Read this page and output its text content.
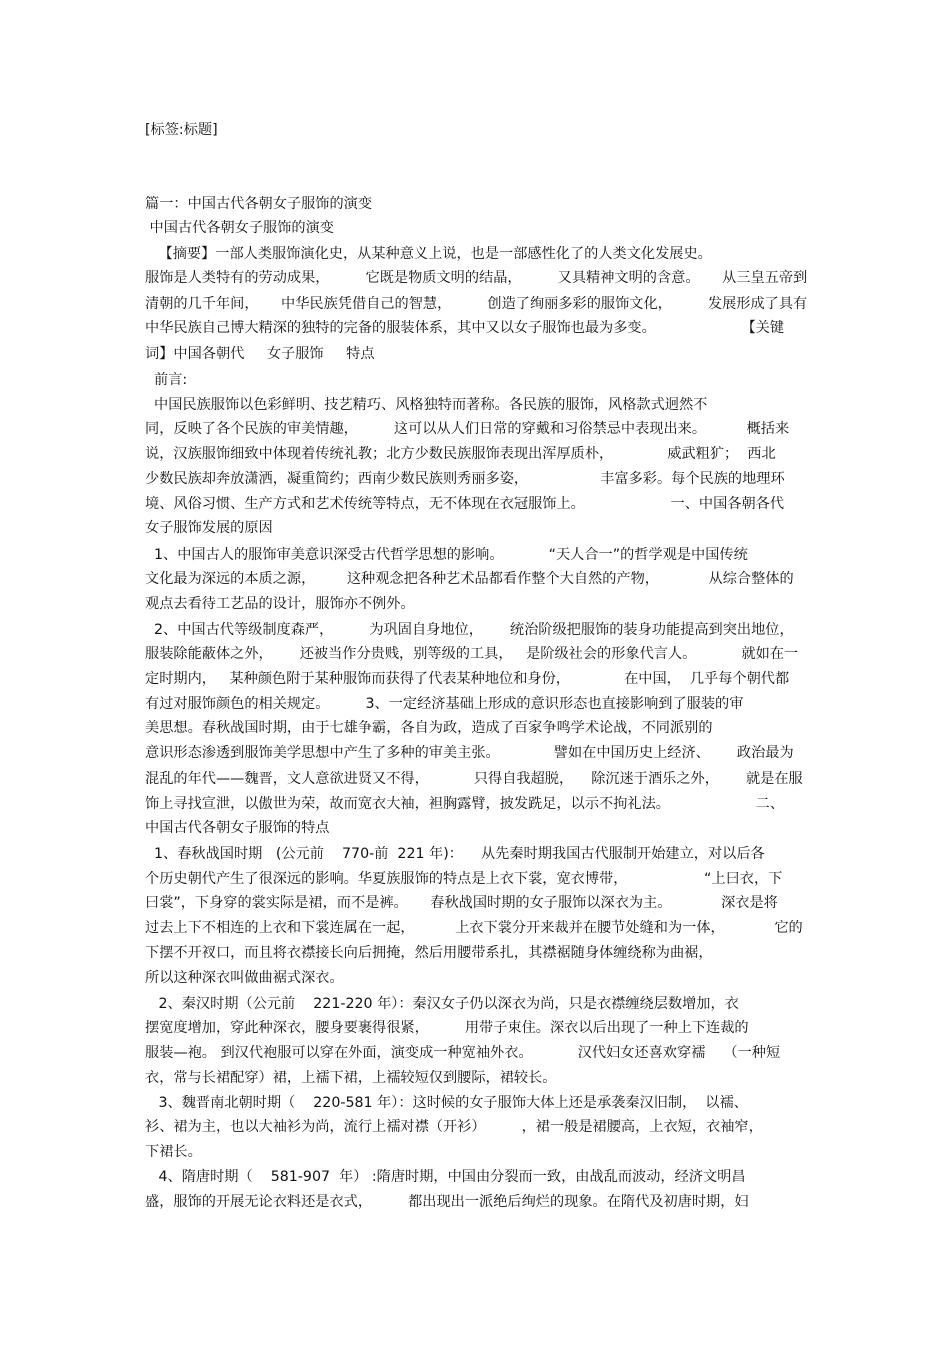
[标签:标题]
篇一：中国古代各朝女子服饰的演变
中国古代各朝女子服饰的演变
【摘要】一部人类服饰演化史，从某种意义上说，也是一部感性化了的人类文化发展史。
服饰是人类特有的劳动成果，        它既是物质文明的结晶，        又具精神文明的含意。     从三皇五帝到
清朝的几千年间，     中华民族凭借自己的智慧，        创造了绚丽多彩的服饰文化，        发展形成了具有
中华民族自己博大精深的独特的完备的服装体系，其中又以女子服饰也最为多变。                   【关键
词】中国各朝代     女子服饰     特点
前言:
中国民族服饰以色彩鲜明、技艺精巧、风格独特而著称。各民族的服饰，风格款式迥然不
同，反映了各个民族的审美情趣，        这可以从人们日常的穿戴和习俗禁忌中表现出来。         概括来
说，汉族服饰细致中体现着传统礼教；北方少数民族服饰表现出浑厚质朴，            威武粗犷；  西北
少数民族却奔放潇洒，凝重简约；西南少数民族则秀丽多姿，                丰富多彩。每个民族的地理环
境、风俗习惯、生产方式和艺术传统等特点，无不体现在衣冠服饰上。                   一、中国各朝各代
女子服饰发展的原因
1、中国古人的服饰审美意识深受古代哲学思想的影响。          “天人合一”的哲学观是中国传统
文化最为深远的本质之源，       这种观念把各种艺术品都看作整个大自然的产物，           从综合整体的
观点去看待工艺品的设计，服饰亦不例外。
2、中国古代等级制度森严，        为巩固自身地位，      统治阶级把服饰的装身功能提高到突出地位，
服装除能蔽体之外，      还被当作分贵贱，别等级的工具，   是阶级社会的形象代言人。          就如在一
定时期内，   某种颜色附于某种服饰而获得了代表某种地位和身份，            在中国，  几乎每个朝代都
有过对服饰颜色的相关规定。        3、一定经济基础上形成的意识形态也直接影响到了服装的审
美思想。春秋战国时期，由于七雄争霸，各自为政，造成了百家争鸣学术论战，不同派别的
意识形态渗透到服饰美学思想中产生了多种的审美主张。            譬如在中国历史上经济、      政治最为
混乱的年代——魏晋，文人意欲进贤又不得，          只得自我超脱，    除沉迷于酒乐之外，      就是在服
饰上寻找宣泄，以傲世为荣，故而宽衣大袖，袒胸露臂，披发跣足，以示不拘礼法。                   二、
中国古代各朝女子服饰的特点
1、春秋战国时期   (公元前    770-前  221 年)：    从先秦时期我国古代服制开始建立，对以后各
个历史朝代产生了很深远的影响。华夏族服饰的特点是上衣下裳，宽衣博带，                 “上曰衣，下
曰裳”，下身穿的裳实际是裙，而不是裤。     春秋战国时期的女子服饰以深衣为主。           深衣是将
过去上下不相连的上衣和下裳连属在一起，         上衣下裳分开来裁并在腰节处缝和为一体，           它的
下摆不开衩口，而且将衣襟接长向后拥掩，然后用腰带系扎，其襟裾随身体缠绕称为曲裾，
所以这种深衣叫做曲裾式深衣。
2、秦汉时期（公元前    221-220 年）：秦汉女子仍以深衣为尚，只是衣襟缠绕层数增加，衣
摆宽度增加，穿此种深衣，腰身要裹得很紧，        用带子束住。深衣以后出现了一种上下连裁的
服装—袍。 到汉代袍服可以穿在外面，演变成一种宽袖外衣。          汉代妇女还喜欢穿襦    （一种短
衣，常与长裙配穿）裙，上襦下裙，上襦较短仅到腰际，裙较长。
3、魏晋南北朝时期（    220-581 年）：这时候的女子服饰大体上还是承袭秦汉旧制，  以襦、
衫、裙为主，也以大袖衫为尚，流行上襦对襟（开衫）        ，裙一般是裙腰高，上衣短，衣袖窄，
下裙长。
4、隋唐时期（    581-907  年） :隋唐时期，中国由分裂而一致，由战乱而波动，经济文明昌
盛，服饰的开展无论衣料还是衣式，        都出现出一派绝后绚烂的现象。在隋代及初唐时期，妇
